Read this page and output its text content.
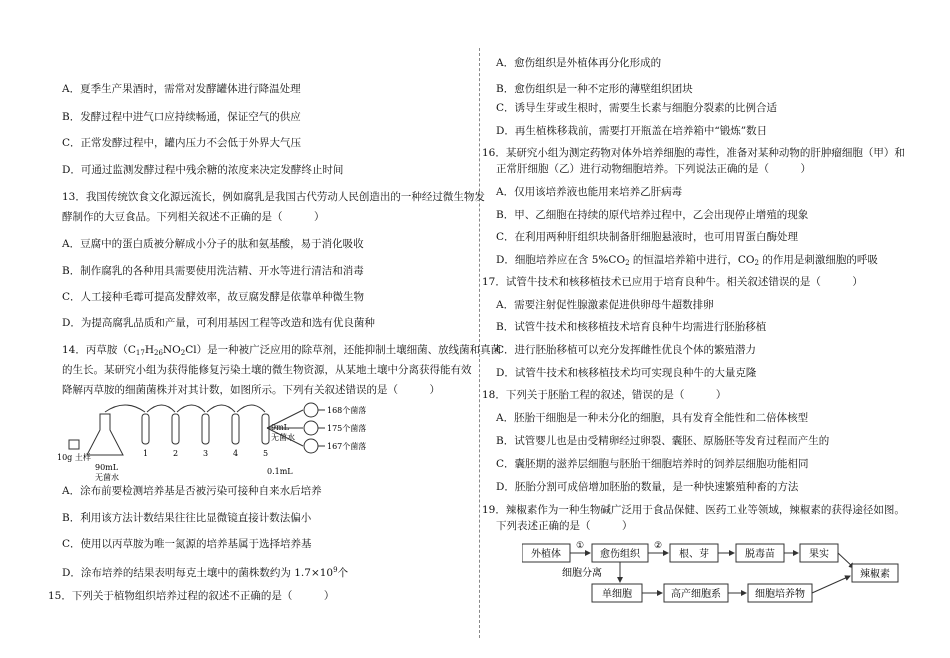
A．夏季生产果酒时，需常对发酵罐体进行降温处理
B．发酵过程中进气口应持续畅通，保证空气的供应
C．正常发酵过程中，罐内压力不会低于外界大气压
D．可通过监测发酵过程中残余糖的浓度来决定发酵终止时间
13．我国传统饮食文化源远流长，例如腐乳是我国古代劳动人民创造出的一种经过微生物发
酵制作的大豆食品。下列相关叙述不正确的是（　　　）
A．豆腐中的蛋白质被分解成小分子的肽和氨基酸，易于消化吸收
B．制作腐乳的各种用具需要使用洗洁精、开水等进行清洁和消毒
C．人工接种毛霉可提高发酵效率，故豆腐发酵是依靠单种微生物
D．为提高腐乳品质和产量，可利用基因工程等改造和选有优良菌种
14．丙草胺$(C_{17}H_{26}NO_2Cl)$是一种被广泛应用的除草剂，还能抑制土壤细菌、放线菌和真菌
的生长。某研究小组为获得能修复污染土壤的微生物资源，从某地土壤中分离获得能有效
降解丙草胺的细菌菌株并对其计数，如图所示。下列有关叙述错误的是（　　　）
10g 土样
90mL
无菌水
1	2	3	4	5
9mL
无菌水
0.1mL
168个菌落
175个菌落
167个菌落
A．涂布前要检测培养基是否被污染可接种自来水后培养
B．利用该方法计数结果往往比显微镜直接计数法偏小
C．使用以丙草胺为唯一氮源的培养基属于选择培养基
D．涂布培养的结果表明每克土壤中的菌株数约为 $1.7\times 10^9$个
15．下列关于植物组织培养过程的叙述不正确的是（　　　）
A．愈伤组织是外植体再分化形成的
B．愈伤组织是一种不定形的薄壁组织团块
C．诱导生芽或生根时，需要生长素与细胞分裂素的比例合适
D．再生植株移栽前，需要打开瓶盖在培养箱中“锻炼”数日
16．某研究小组为测定药物对体外培养细胞的毒性，准备对某种动物的肝肿瘤细胞（甲）和
正常肝细胞（乙）进行动物细胞培养。下列说法正确的是（　　　）
A．仅用该培养液也能用来培养乙肝病毒
B．甲、乙细胞在持续的原代培养过程中，乙会出现停止增殖的现象
C．在利用两种肝组织块制备肝细胞悬液时，也可用胃蛋白酶处理
D．细胞培养应在含 $5\%CO_2$ 的恒温培养箱中进行，$CO_2$ 的作用是刺激细胞的呼吸
17．试管牛技术和核移植技术已应用于培育良种牛。相关叙述错误的是（　　　）
A．需要注射促性腺激素促进供卵母牛超数排卵
B．试管牛技术和核移植技术培育良种牛均需进行胚胎移植
C．进行胚胎移植可以充分发挥雌性优良个体的繁殖潜力
D．试管牛技术和核移植技术均可实现良种牛的大量克隆
18．下列关于胚胎工程的叙述，错误的是（　　　）
A．胚胎干细胞是一种未分化的细胞，具有发育全能性和二倍体核型
B．试管婴儿也是由受精卵经过卵裂、囊胚、原肠胚等发育过程而产生的
C．囊胚期的滋养层细胞与胚胎干细胞培养时的饲养层细胞功能相同
D．胚胎分割可成倍增加胚胎的数量，是一种快速繁殖种畜的方法
19．辣椒素作为一种生物碱广泛用于食品保健、医药工业等领域，辣椒素的获得途径如图。
下列表述正确的是（　　　）
外植体
①
愈伤组织
②
根、芽	脱毒苗	果实
辣椒素
细胞分离
单细胞	高产细胞系	细胞培养物
